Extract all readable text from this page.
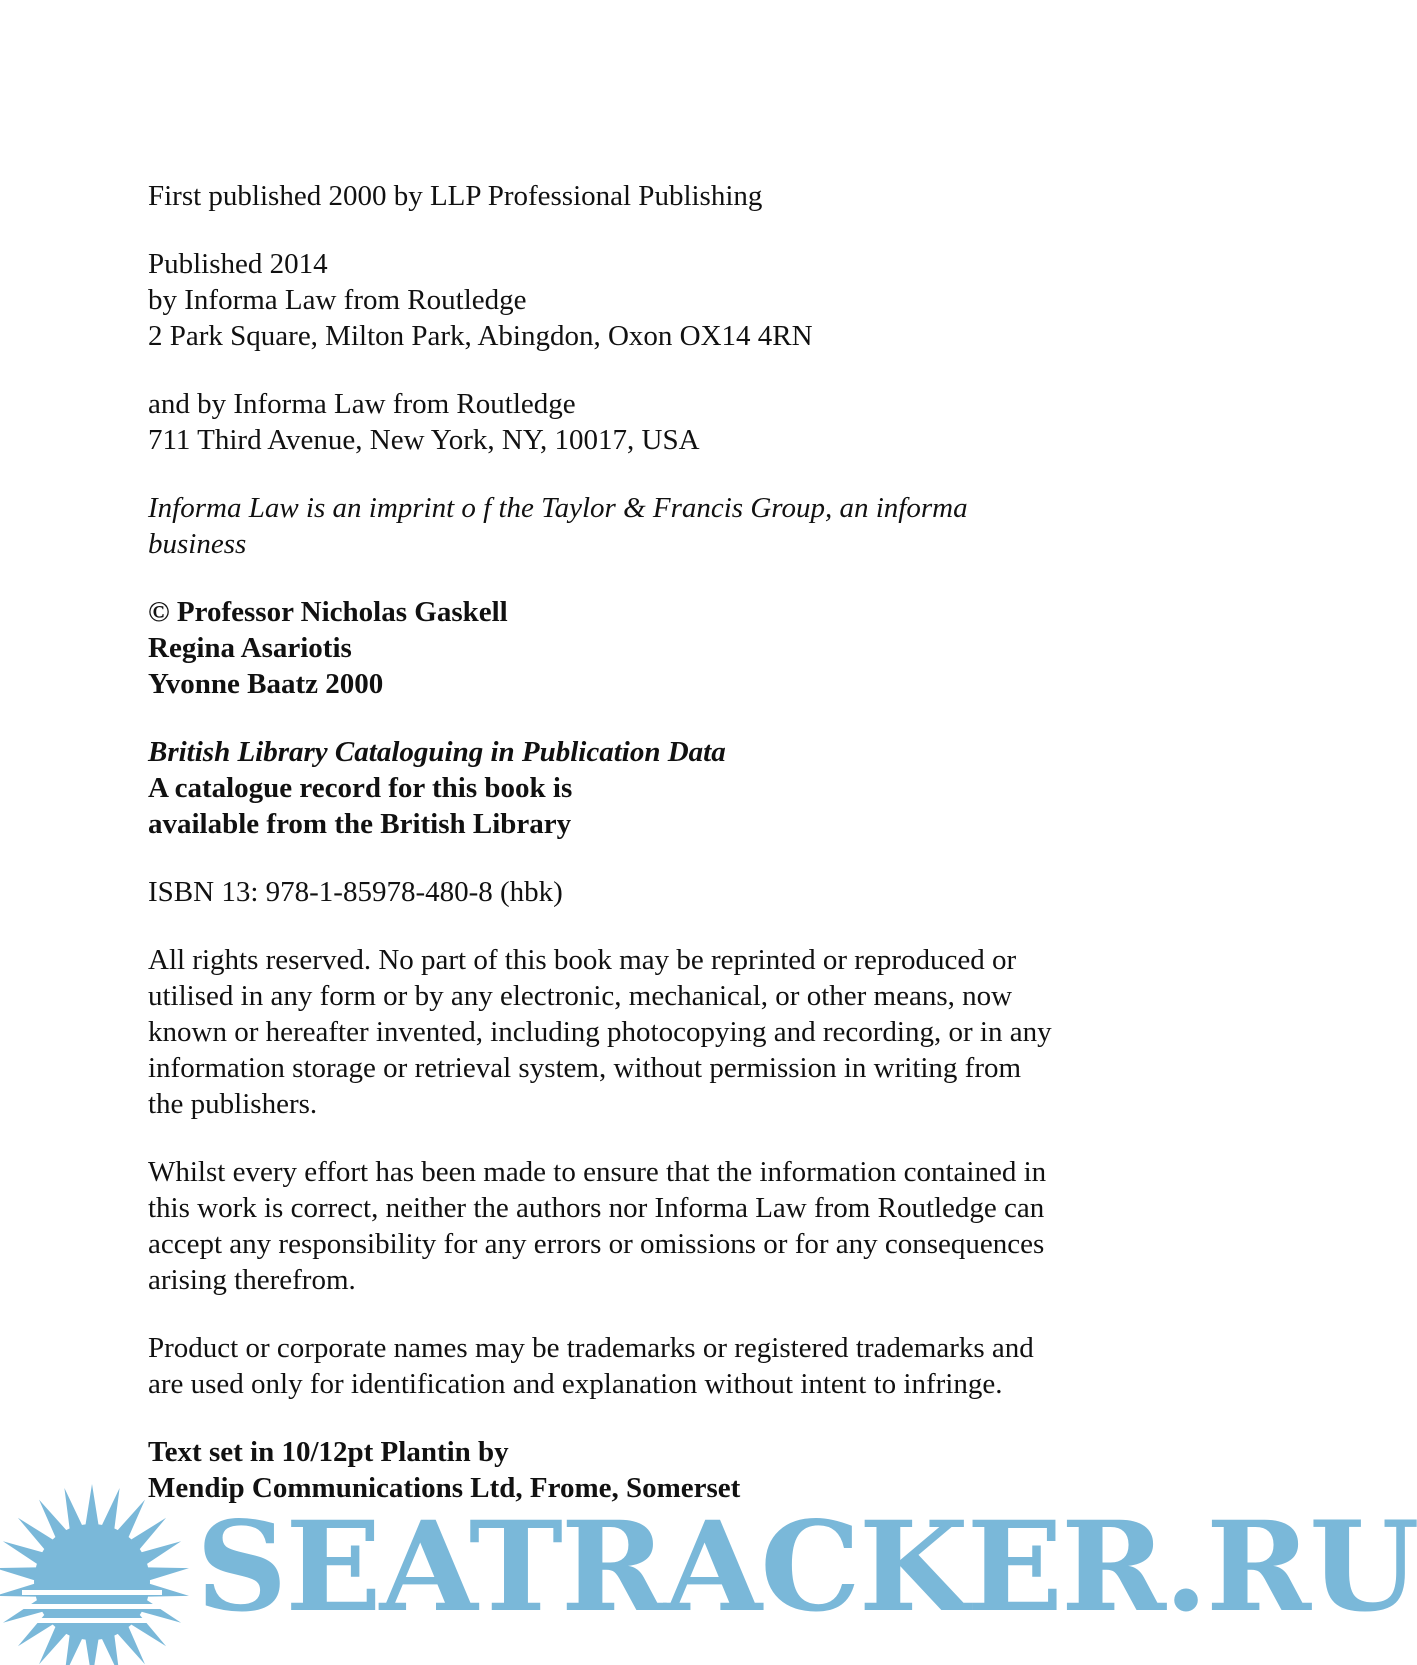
First published 2000 by LLP Professional Publishing
Published 2014
by Informa Law from Routledge
2 Park Square, Milton Park, Abingdon, Oxon OX14 4RN
and by Informa Law from Routledge
711 Third Avenue, New York, NY, 10017, USA
Informa Law is an imprint o f the Taylor & Francis Group, an informa
business
© Professor Nicholas Gaskell
Regina Asariotis
Yvonne Baatz 2000
British Library Cataloguing in Publication Data
A catalogue record for this book is
available from the British Library
ISBN 13: 978-1-85978-480-8 (hbk)
All rights reserved. No part of this book may be reprinted or reproduced or
utilised in any form or by any electronic, mechanical, or other means, now
known or hereafter invented, including photocopying and recording, or in any
information storage or retrieval system, without permission in writing from
the publishers.
Whilst every effort has been made to ensure that the information contained in
this work is correct, neither the authors nor Informa Law from Routledge can
accept any responsibility for any errors or omissions or for any consequences
arising therefrom.
Product or corporate names may be trademarks or registered trademarks and
are used only for identification and explanation without intent to infringe.
Text set in 10/12pt Plantin by
Mendip Communications Ltd, Frome, Somerset
SEATRACKER.RU
